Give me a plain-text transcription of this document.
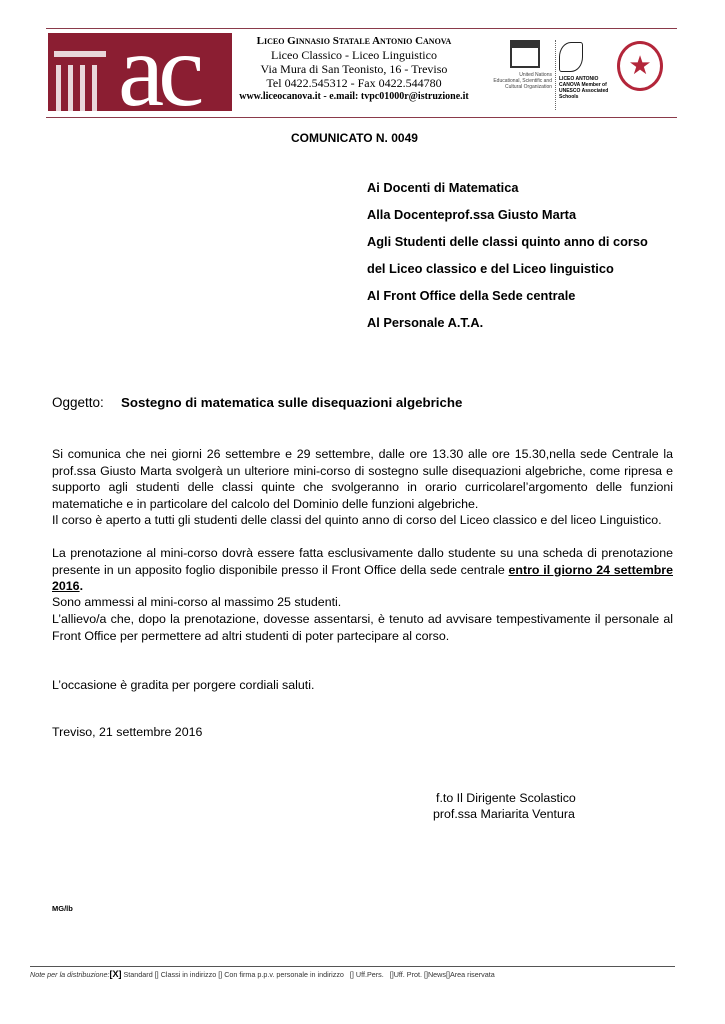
ac	Liceo Ginnasio Statale Antonio Canova
Liceo Classico - Liceo Linguistico
Via Mura di San Teonisto, 16 - Treviso
Tel 0422.545312 - Fax 0422.544780
www.liceocanova.it - e.mail: tvpc01000r@istruzione.it
United Nations Educational, Scientific and Cultural Organization
LICEO ANTONIO CANOVA Member of UNESCO Associated Schools
★
COMUNICATO N. 0049
Ai Docenti di Matematica
Alla Docenteprof.ssa Giusto Marta
Agli Studenti delle classi quinto anno di corso
del Liceo classico e del Liceo linguistico
Al Front Office della Sede centrale
Al Personale A.T.A.
Oggetto: Sostegno di matematica sulle disequazioni algebriche
Si comunica che nei giorni 26 settembre e 29 settembre, dalle ore 13.30 alle ore 15.30,nella sede Centrale la prof.ssa Giusto Marta svolgerà un ulteriore mini-corso di sostegno sulle disequazioni algebriche, come ripresa e supporto agli studenti delle classi quinte che svolgeranno in orario curricolarel’argomento delle funzioni matematiche e in particolare del calcolo del Dominio delle funzioni algebriche.
Il corso è aperto a tutti gli studenti delle classi del quinto anno di corso del Liceo classico e del liceo Linguistico.
La prenotazione al mini-corso dovrà essere fatta esclusivamente dallo studente su una scheda di prenotazione presente in un apposito foglio disponibile presso il Front Office della sede centrale entro il giorno 24 settembre 2016.
Sono ammessi al mini-corso al massimo 25 studenti.
L’allievo/a che, dopo la prenotazione, dovesse assentarsi, è tenuto ad avvisare tempestivamente il personale al Front Office per permettere ad altri studenti di poter partecipare al corso.
L’occasione è gradita per porgere cordiali saluti.
Treviso, 21 settembre 2016
f.to Il Dirigente Scolastico
prof.ssa Mariarita Ventura
MG/lb
Note per la distribuzione:[X] Standard [] Classi in indirizzo [] Con firma p.p.v. personale in indirizzo [] Uff.Pers. []Uff. Prot. []News[]Area riservata
